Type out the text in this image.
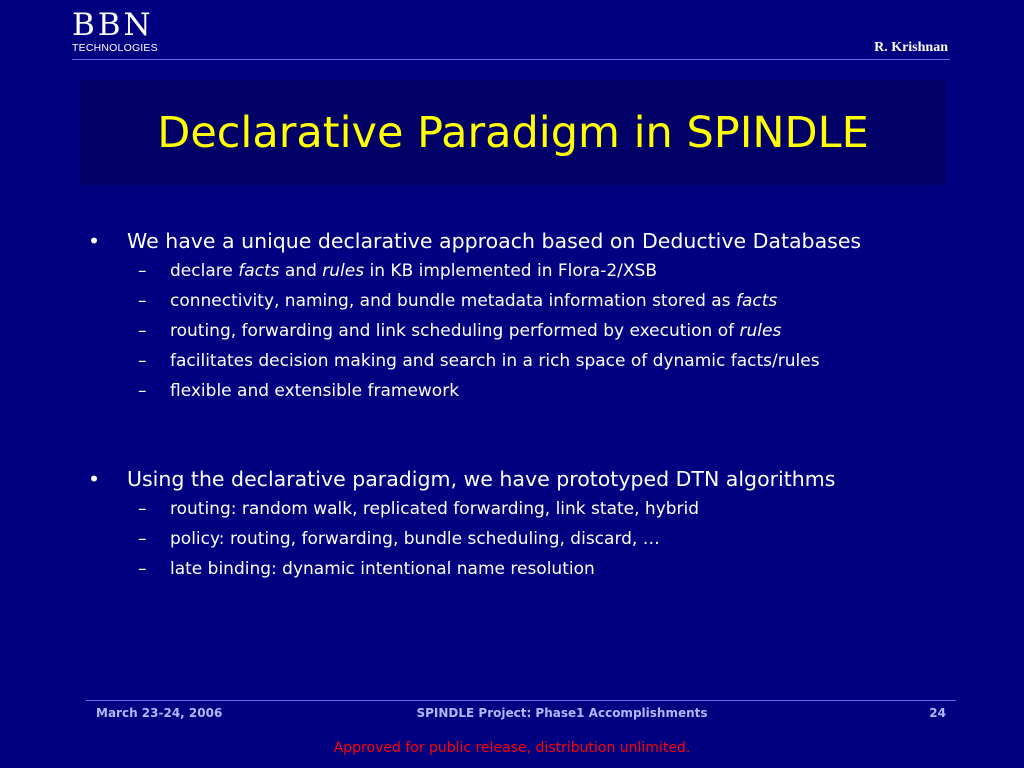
BBN
TECHNOLOGIES	R. Krishnan
Declarative Paradigm in SPINDLE
•	We have a unique declarative approach based on Deductive Databases
–	declare facts and rules in KB implemented in Flora-2/XSB
–	connectivity, naming, and bundle metadata information stored as facts
–	routing, forwarding and link scheduling performed by execution of rules
–	facilitates decision making and search in a rich space of dynamic facts/rules
–	flexible and extensible framework
•	Using the declarative paradigm, we have prototyped DTN algorithms
–	routing: random walk, replicated forwarding, link state, hybrid
–	policy: routing, forwarding, bundle scheduling, discard, …
–	late binding: dynamic intentional name resolution
March 23-24, 2006	SPINDLE Project: Phase1 Accomplishments	24
Approved for public release, distribution unlimited.
